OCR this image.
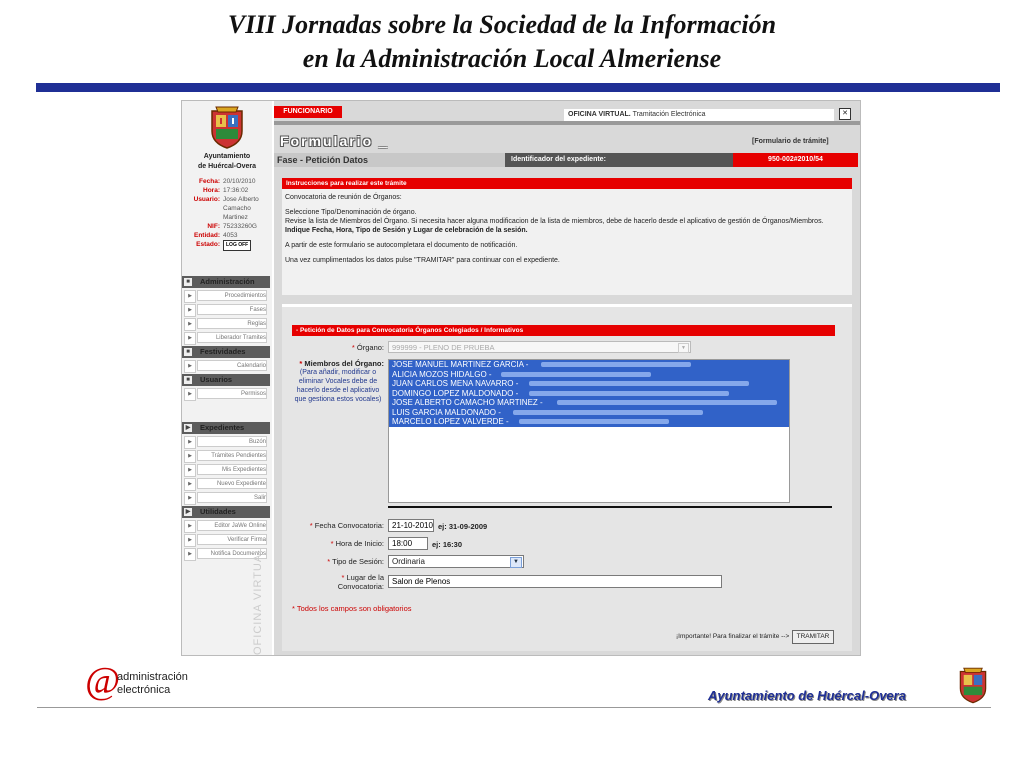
VIII Jornadas sobre la Sociedad de la Información
en la Administración Local Almeriense
Ayuntamiento
de Huércal-Overa
Fecha: 20/10/2010
Hora: 17:36:02
Usuario: Jose Alberto Camacho Martinez
NIF: 75233260G
Entidad: 4053
Estado:	LOG OFF
■ Administración
▶	Procedimientos
▶	Fases
▶	Reglas
▶	Liberador Tramites
■ Festividades
▶	Calendario
■ Usuarios
▶	Permisos
▶ Expedientes
▶	Buzón
▶	Trámites Pendientes
▶	Mis Expedientes
▶	Nuevo Expediente
▶	Salir
▶ Utilidades
▶	Editor JaWe Online
▶	Verificar Firma
▶	Notifica Documentos
OFICINA VIRTUAL
FUNCIONARIO	OFICINA VIRTUAL. Tramitación Electrónica	✕
Formulario _	[Formulario de trámite]
Fase - Petición Datos	Identificador del expediente:	950-002#2010/54
Instrucciones para realizar este trámite

Convocatoria de reunión de Órganos:

Seleccione Tipo/Denominación de órgano.

Revise la lista de Miembros del Órgano. Si necesita hacer alguna modificacion de la lista de miembros, debe de hacerlo desde el aplicativo de gestión de Órganos/Miembros.

Indique Fecha, Hora, Tipo de Sesión y Lugar de celebración de la sesión.

A partir de este formulario se autocompletara el documento de notificación.

Una vez cumplimentados los datos pulse "TRAMITAR" para continuar con el expediente.

- Petición de Datos para Convocatoria Órganos Colegiados / Informativos
* Órgano:	999999 - PLENO DE PRUEBA	▼
* Miembros del Órgano:
(Para añadir, modificar o eliminar Vocales debe de hacerlo desde el aplicativo que gestiona estos vocales)
JOSE MANUEL MARTINEZ GARCIA -
ALICIA MOZOS HIDALGO -
JUAN CARLOS MENA NAVARRO -
DOMINGO LOPEZ MALDONADO -
JOSE ALBERTO CAMACHO MARTINEZ -
LUIS GARCIA MALDONADO -
MARCELO LOPEZ VALVERDE -
* Fecha Convocatoria:	21-10-2010 ej: 31-09-2009
* Hora de Inicio:	18:00	ej: 16:30
* Tipo de Sesión:	Ordinaria	▼
* Lugar de la
Convocatoria:
Salon de Plenos
* Todos los campos son obligatorios
¡Importante! Para finalizar el trámite -->	TRAMITAR
@
administración
electrónica	Ayuntamiento de Huércal-Overa
